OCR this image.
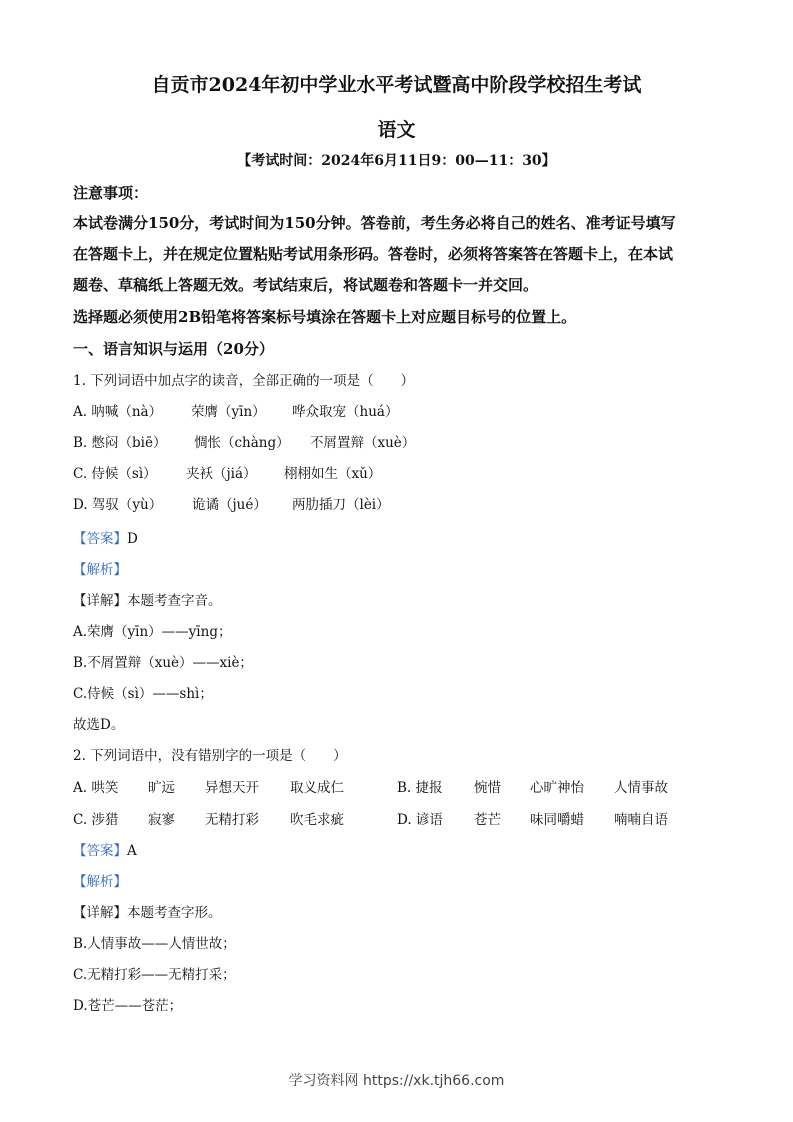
自贡市2024年初中学业水平考试暨高中阶段学校招生考试
语文
【考试时间：2024年6月11日9：00—11：30】
注意事项：
本试卷满分150分，考试时间为150分钟。答卷前，考生务必将自己的姓名、准考证号填写
在答题卡上，并在规定位置粘贴考试用条形码。答卷时，必须将答案答在答题卡上，在本试
题卷、草稿纸上答题无效。考试结束后，将试题卷和答题卡一并交回。
选择题必须使用2B铅笔将答案标号填涂在答题卡上对应题目标号的位置上。
一、语言知识与运用（20分）
1. 下列词语中加点字的读音，全部正确的一项是（　　）
A. 呐喊（nà） 荣膺（yīn） 哗众取宠（huá）
B. 憋闷（biē） 惆怅（chàng） 不屑置辩（xuè）
C. 侍候（sì） 夹袄（jiá） 栩栩如生（xǔ）
D. 驾驭（yù） 诡谲（jué） 两肋插刀（lèi）
【答案】D
【解析】
【详解】本题考查字音。
A.荣膺（yīn）——yīng；
B.不屑置辩（xuè）——xiè；
C.侍候（sì）——shì；
故选D。
2. 下列词语中，没有错别字的一项是（　　）
A. 哄笑 旷远 异想天开 取义成仁	B. 捷报 惋惜 心旷神怡 人情事故
C. 涉猎 寂寥 无精打彩 吹毛求疵	D. 谚语 苍芒 味同嚼蜡 喃喃自语
【答案】A
【解析】
【详解】本题考查字形。
B.人情事故——人情世故；
C.无精打彩——无精打采；
D.苍芒——苍茫；
学习资料网 https://xk.tjh66.com
